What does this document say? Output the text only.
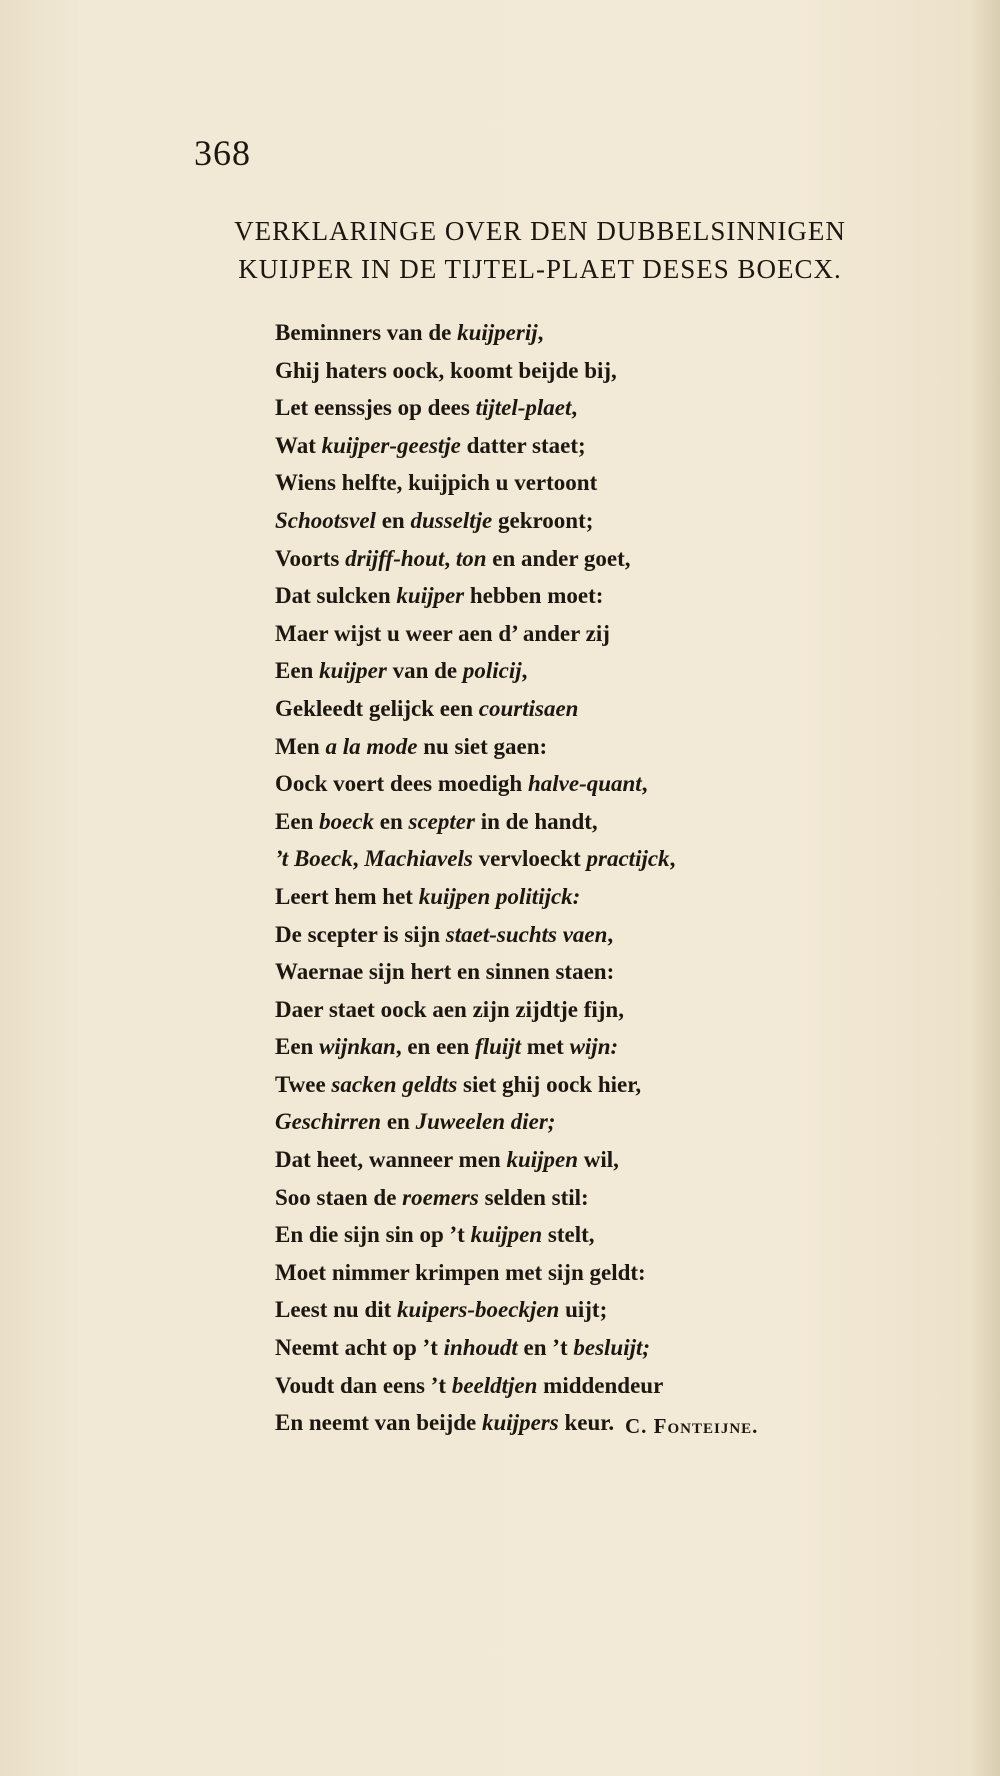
368
VERKLARINGE OVER DEN DUBBELSINNIGEN
KUIJPER IN DE TIJTEL-PLAET DESES BOECX.
Beminners van de kuijperij,
Ghij haters oock, koomt beijde bij,
Let eenssjes op dees tijtel-plaet,
Wat kuijper-geestje datter staet;
Wiens helfte, kuijpich u vertoont
Schootsvel en dusseltje gekroont;
Voorts drijff-hout, ton en ander goet,
Dat sulcken kuijper hebben moet:
Maer wijst u weer aen d’ ander zij
Een kuijper van de policij,
Gekleedt gelijck een courtisaen
Men a la mode nu siet gaen:
Oock voert dees moedigh halve-quant,
Een boeck en scepter in de handt,
’t Boeck, Machiavels vervloeckt practijck,
Leert hem het kuijpen politijck:
De scepter is sijn staet-suchts vaen,
Waernae sijn hert en sinnen staen:
Daer staet oock aen zijn zijdtje fijn,
Een wijnkan, en een fluijt met wijn:
Twee sacken geldts siet ghij oock hier,
Geschirren en Juweelen dier;
Dat heet, wanneer men kuijpen wil,
Soo staen de roemers selden stil:
En die sijn sin op ’t kuijpen stelt,
Moet nimmer krimpen met sijn geldt:
Leest nu dit kuipers-boeckjen uijt;
Neemt acht op ’t inhoudt en ’t besluijt;
Voudt dan eens ’t beeldtjen middendeur
En neemt van beijde kuijpers keur. C. Fonteijne.
